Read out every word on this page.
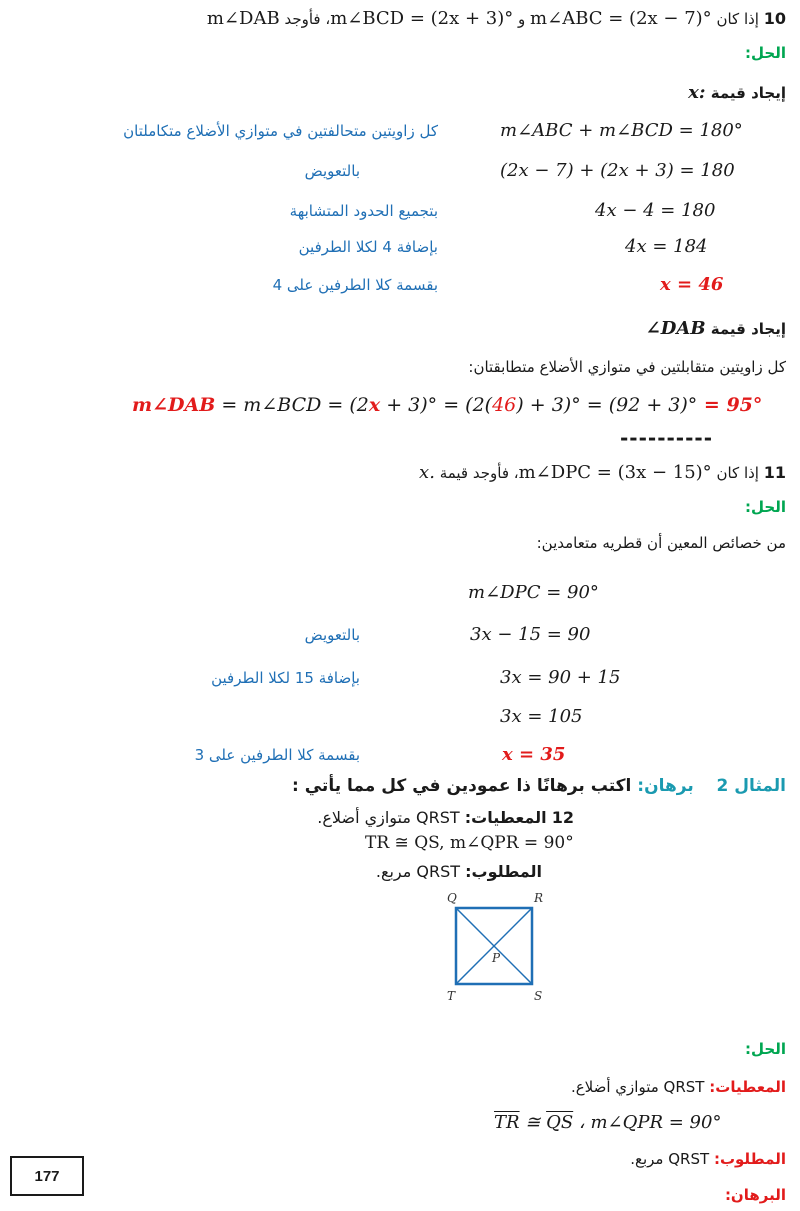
10 إذا كان m∠ABC = (2x − 7)° و m∠BCD = (2x + 3)°، فأوجد m∠DAB
الحل:
إيجاد قيمة x:
m∠ABC + m∠BCD = 180°
كل زاويتين متحالفتين في متوازي الأضلاع متكاملتان
(2x − 7) + (2x + 3) = 180
بالتعويض
4x − 4 = 180
بتجميع الحدود المتشابهة
4x = 184
بإضافة 4 لكلا الطرفين
x = 46
بقسمة كلا الطرفين على 4
إيجاد قيمة ∠DAB
كل زاويتين متقابلتين في متوازي الأضلاع متطابقتان:
m∠DAB = m∠BCD = (2x + 3)° = (2(46) + 3)° = (92 + 3)° = 95°
----------
11 إذا كان m∠DPC = (3x − 15)°، فأوجد قيمة x.
الحل:
من خصائص المعين أن قطريه متعامدين:
m∠DPC = 90°
3x − 15 = 90
بالتعويض
3x = 90 + 15
بإضافة 15 لكلا الطرفين
3x = 105
x = 35
بقسمة كلا الطرفين على 3
المثال 2  برهان: اكتب برهانًا ذا عمودين في كل مما يأتي :
12 المعطيات: QRST متوازي أضلاع.
TR ≅ QS, m∠QPR = 90°
المطلوب: QRST مربع.
Q	R
T	S
P
الحل:
المعطيات: QRST متوازي أضلاع.
$\overline{TR}$ ≅ $\overline{QS}$ ، m∠QPR = 90°
المطلوب: QRST مربع.
البرهان:
177
